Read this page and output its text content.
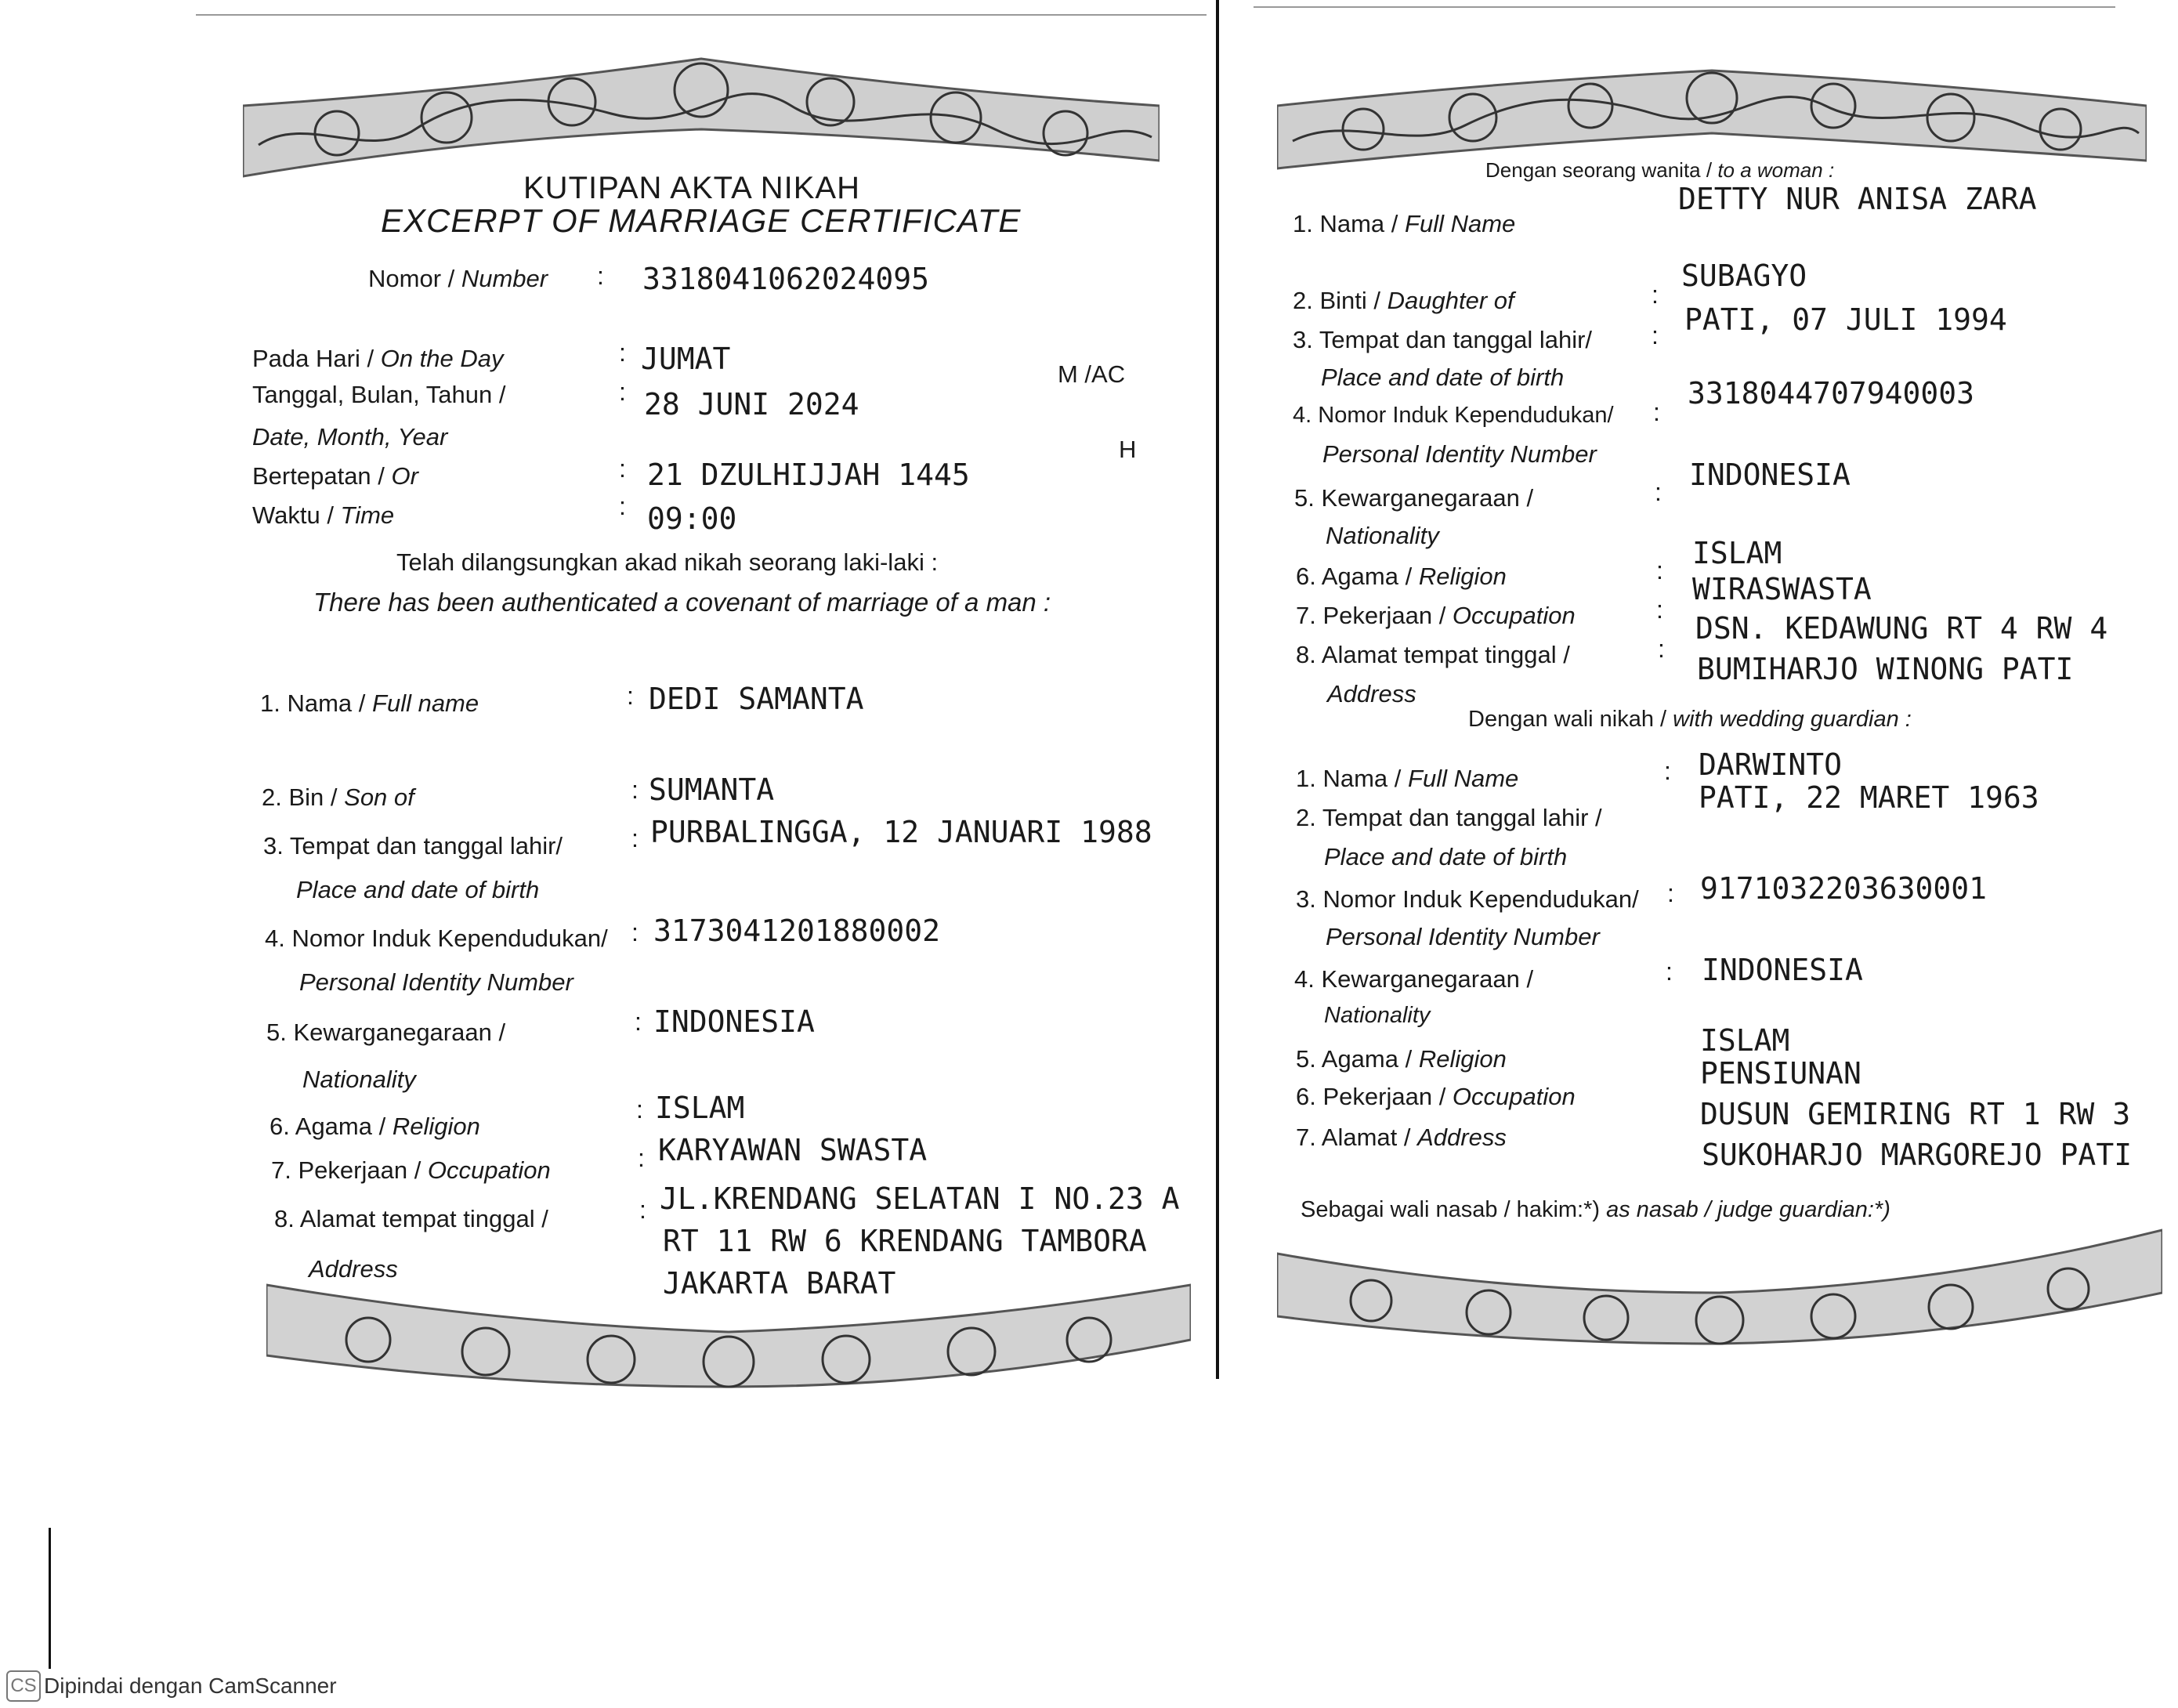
KUTIPAN AKTA NIKAH
EXCERPT OF MARRIAGE CERTIFICATE
Nomor / Number : 3318041062024095
Pada Hari / On the Day	: JUMAT
Tanggal, Bulan, Tahun /
Date, Month, Year
: 28 JUNI 2024
Bertepatan / Or	: 21 DZULHIJJAH 1445
Waktu / Time	: 09:00
M /AC
H
Telah dilangsungkan akad nikah seorang laki-laki :
There has been authenticated a covenant of marriage of a man :
1. Nama / Full name	: DEDI SAMANTA
2. Bin / Son of	: SUMANTA
3. Tempat dan tanggal lahir/
Place and date of birth
: PURBALINGGA, 12 JANUARI 1988
4. Nomor Induk Kependudukan/ : 3173041201880002
Personal Identity Number
5. Kewarganegaraan /
Nationality
: INDONESIA
6. Agama / Religion
: ISLAM
7. Pekerjaan / Occupation	: KARYAWAN SWASTA
8. Alamat tempat tinggal /
Address
: JL.KRENDANG SELATAN I NO.23 A
RT 11 RW 6 KRENDANG TAMBORA
JAKARTA BARAT
Dengan seorang wanita / to a woman :
1. Nama / Full Name
DETTY NUR ANISA ZARA
2. Binti / Daughter of	:
SUBAGYO
3. Tempat dan tanggal lahir/
Place and date of birth
: PATI, 07 JULI 1994
4. Nomor Induk Kependudukan/ :
3318044707940003
Personal Identity Number
5. Kewarganegaraan /
Nationality
: INDONESIA
6. Agama / Religion	: ISLAM
7. Pekerjaan / Occupation	:
WIRASWASTA
8. Alamat tempat tinggal /
Address
:
DSN. KEDAWUNG RT 4 RW 4
BUMIHARJO WINONG PATI
Dengan wali nikah / with wedding guardian :
1. Nama / Full Name	: DARWINTO
2. Tempat dan tanggal lahir /
Place and date of birth
PATI, 22 MARET 1963
3. Nomor Induk Kependudukan/ : 9171032203630001
Personal Identity Number
4. Kewarganegaraan /
Nationality
: INDONESIA
5. Agama / Religion
ISLAM
6. Pekerjaan / Occupation
PENSIUNAN
7. Alamat / Address
DUSUN GEMIRING RT 1 RW 3
SUKOHARJO MARGOREJO PATI
Sebagai wali nasab / hakim:*) as nasab / judge guardian:*)
CS Dipindai dengan CamScanner
